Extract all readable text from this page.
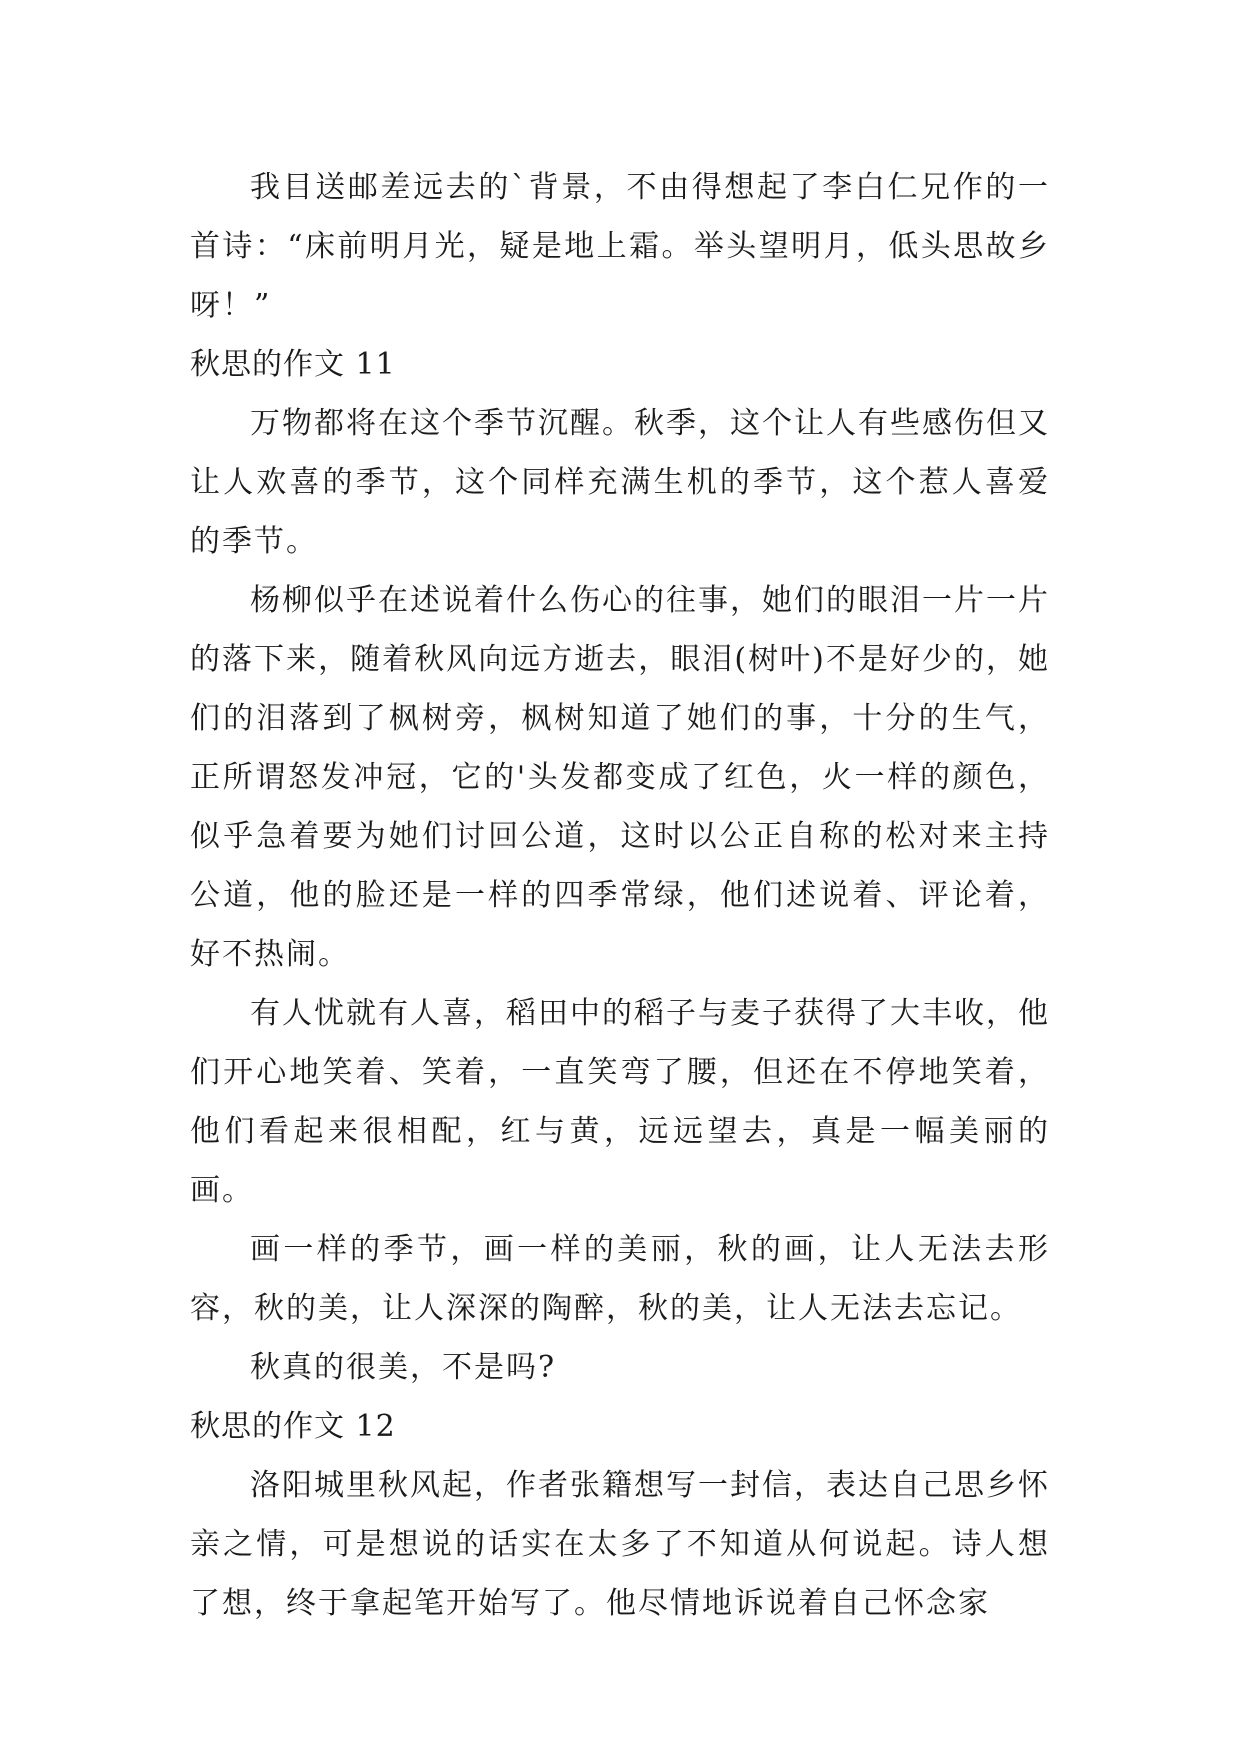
我目送邮差远去的`背景，不由得想起了李白仁兄作的一首诗：“床前明月光，疑是地上霜。举头望明月，低头思故乡呀！”

秋思的作文 11

万物都将在这个季节沉醒。秋季，这个让人有些感伤但又让人欢喜的季节，这个同样充满生机的季节，这个惹人喜爱的季节。

杨柳似乎在述说着什么伤心的往事，她们的眼泪一片一片的落下来，随着秋风向远方逝去，眼泪(树叶)不是好少的，她们的泪落到了枫树旁，枫树知道了她们的事，十分的生气，正所谓怒发冲冠，它的'头发都变成了红色，火一样的颜色，似乎急着要为她们讨回公道，这时以公正自称的松对来主持公道，他的脸还是一样的四季常绿，他们述说着、评论着，好不热闹。

有人忧就有人喜，稻田中的稻子与麦子获得了大丰收，他们开心地笑着、笑着，一直笑弯了腰，但还在不停地笑着，他们看起来很相配，红与黄，远远望去，真是一幅美丽的画。

画一样的季节，画一样的美丽，秋的画，让人无法去形容，秋的美，让人深深的陶醉，秋的美，让人无法去忘记。

秋真的很美，不是吗?

秋思的作文 12

洛阳城里秋风起，作者张籍想写一封信，表达自己思乡怀亲之情，可是想说的话实在太多了不知道从何说起。诗人想了想，终于拿起笔开始写了。他尽情地诉说着自己怀念家
